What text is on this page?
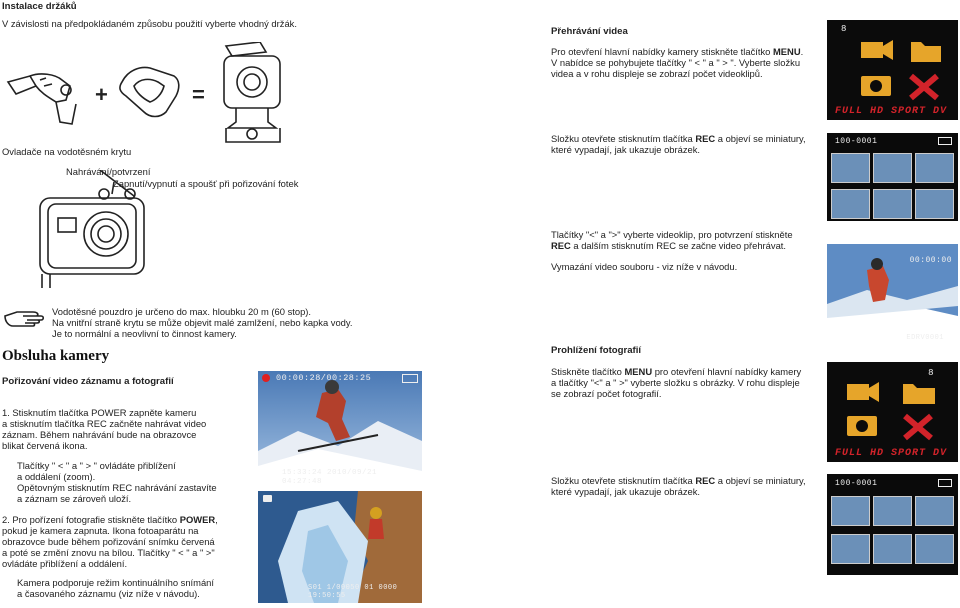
Instalace držáků
V závislosti na předpokládaném způsobu použití vyberte vhodný držák.
+	=
Ovladače na vodotěsném krytu
Nahrávání/potvrzení
Zapnutí/vypnutí a spoušť při pořizování fotek
Vodotěsné pouzdro je určeno do max. hloubku 20 m (60 stop).
Na vnitřní straně krytu se může objevit malé zamlžení, nebo kapka vody.
Je to normální a neovlivní to činnost kamery.
Obsluha kamery
Pořizování video záznamu a fotografií
1. Stisknutím tlačítka POWER zapněte kameru
a stisknutím tlačítka REC začněte nahrávat video
záznam. Během nahrávání bude na obrazovce
blikat červená ikona.
Tlačítky " < " a " > " ovládáte přiblížení
a oddálení (zoom).
Opětovným stisknutím REC nahrávání zastavíte
a záznam se zároveň uloží.
2. Pro pořízení fotografie stiskněte tlačítko POWER,
pokud je kamera zapnuta. Ikona fotoaparátu na
obrazovce bude během pořizování snímku červená
a poté se změní znovu na bílou. Tlačítky " < " a " >"
ovládáte přiblížení a oddálení.
Kamera podporuje režim kontinuálního snímání
a časovaného záznamu (viz níže v návodu).
00:00:28/00:28:25
15:33:24 2010/09/21 04:27:48
S01 1/00050 01 0000 19:50:55
Přehrávání videa
Pro otevření hlavní nabídky kamery stiskněte tlačítko MENU.
V nabídce se pohybujete tlačítky " < " a " > ". Vyberte složku
videa a v rohu displeje se zobrazí počet videoklipů.
Složku otevřete stisknutím tlačítka REC a objeví se miniatury,
které vypadají, jak ukazuje obrázek.
Tlačítky "<" a ">" vyberte videoklip, pro potvrzení stiskněte
REC a dalším stisknutím REC se začne video přehrávat.
Vymazání video souboru - viz níže v návodu.
Prohlížení fotografií
Stiskněte tlačítko MENU pro otevření hlavní nabídky kamery
a tlačítky "<" a " >" vyberte složku s obrázky. V rohu displeje
se zobrazí počet fotografií.
Složku otevřete stisknutím tlačítka REC a objeví se miniatury,
které vypadají, jak ukazuje obrázek.
8
FULL HD SPORT DV
100-0001
00:00:00
EDRV0001
8
FULL HD SPORT DV
100-0001
